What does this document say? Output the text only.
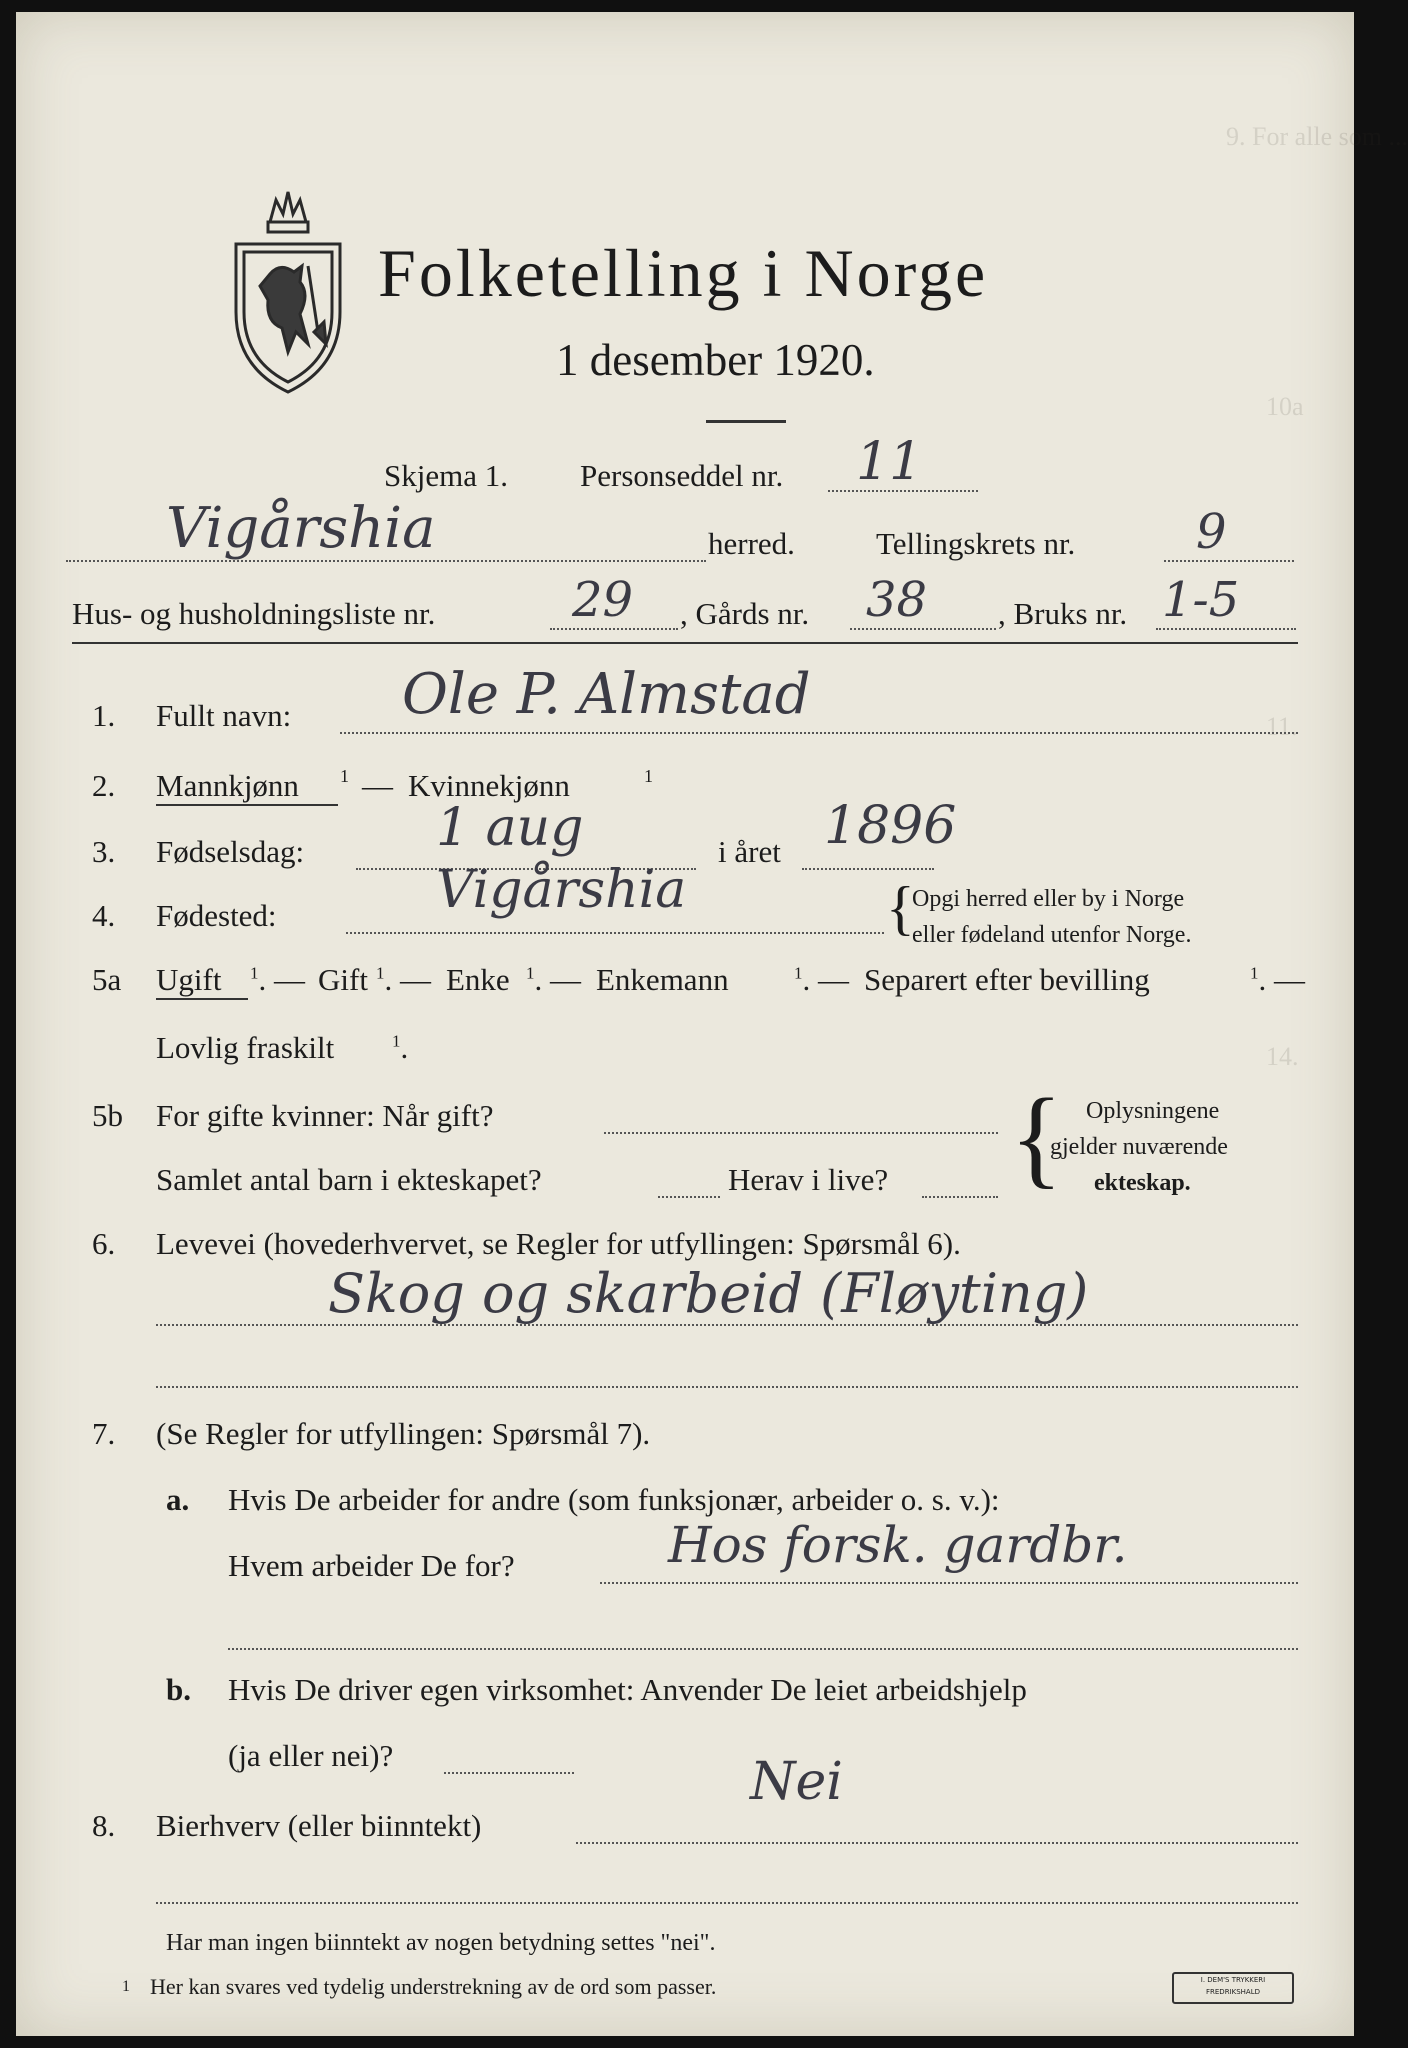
9. For alle som ...
10a
11.
14.
Folketelling i Norge
1 desember 1920.
Skjema 1. Personseddel nr. 11
Vigårshia	herred.	Tellingskrets nr.	9
Hus- og husholdningsliste nr.	29 , Gårds nr. 38 , Bruks nr. 1-5
1. Fullt navn: Ole P. Almstad
2. Mannkjønn 1 — Kvinnekjønn	1
3. Fødselsdag:	1 aug	i året 1896
4. Fødested:	Vigårshia	{
Opgi herred eller by i Norge
eller fødeland utenfor Norge.
5a Ugift $^1$. — Gift $^1$. — Enke $^1$. — Enkemann	$^1$. — Separert efter bevilling	$^1$. —
Lovlig fraskilt	$^1$.
5b For gifte kvinner: Når gift?
Samlet antal barn i ekteskapet?	Herav i live? { Oplysningene
gjelder nuværende
ekteskap.
6. Levevei (hovederhvervet, se Regler for utfyllingen: Spørsmål 6).
Skog og skarbeid (Fløyting)
7. (Se Regler for utfyllingen: Spørsmål 7).
a. Hvis De arbeider for andre (som funksjonær, arbeider o. s. v.):
Hvem arbeider De for?	Hos forsk. gardbr.
b. Hvis De driver egen virksomhet: Anvender De leiet arbeidshjelp
(ja eller nei)?
8. Bierhverv (eller biinntekt)
Nei
Har man ingen biinntekt av nogen betydning settes "nei".
1 Her kan svares ved tydelig understrekning av de ord som passer.	I. DEM'S TRYKKERI
FREDRIKSHALD
